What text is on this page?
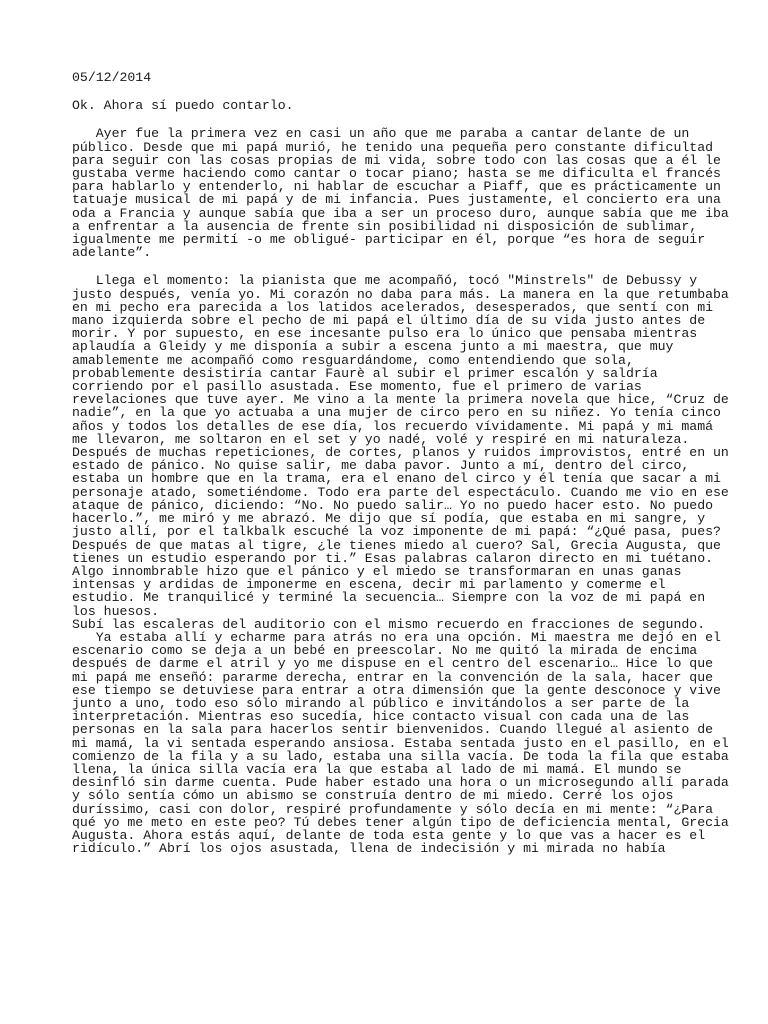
05/12/2014
Ok. Ahora sí puedo contarlo.
Ayer fue la primera vez en casi un año que me paraba a cantar delante de un
público. Desde que mi papá murió, he tenido una pequeña pero constante dificultad
para seguir con las cosas propias de mi vida, sobre todo con las cosas que a él le
gustaba verme haciendo como cantar o tocar piano; hasta se me dificulta el francés
para hablarlo y entenderlo, ni hablar de escuchar a Piaff, que es prácticamente un
tatuaje musical de mi papá y de mi infancia. Pues justamente, el concierto era una
oda a Francia y aunque sabía que iba a ser un proceso duro, aunque sabía que me iba
a enfrentar a la ausencia de frente sin posibilidad ni disposición de sublimar,
igualmente me permití -o me obligué- participar en él, porque “es hora de seguir
adelante”.
Llega el momento: la pianista que me acompañó, tocó "Minstrels" de Debussy y
justo después, venía yo. Mi corazón no daba para más. La manera en la que retumbaba
en mi pecho era parecida a los latidos acelerados, desesperados, que sentí con mi
mano izquierda sobre el pecho de mi papá el último día de su vida justo antes de
morir. Y por supuesto, en ese incesante pulso era lo único que pensaba mientras
aplaudía a Gleidy y me disponía a subir a escena junto a mi maestra, que muy
amablemente me acompañó como resguardándome, como entendiendo que sola,
probablemente desistiría cantar Faurè al subir el primer escalón y saldría
corriendo por el pasillo asustada. Ese momento, fue el primero de varias
revelaciones que tuve ayer. Me vino a la mente la primera novela que hice, “Cruz de
nadie”, en la que yo actuaba a una mujer de circo pero en su niñez. Yo tenía cinco
años y todos los detalles de ese día, los recuerdo vívidamente. Mi papá y mi mamá
me llevaron, me soltaron en el set y yo nadé, volé y respiré en mi naturaleza.
Después de muchas repeticiones, de cortes, planos y ruidos improvistos, entré en un
estado de pánico. No quise salir, me daba pavor. Junto a mí, dentro del circo,
estaba un hombre que en la trama, era el enano del circo y él tenía que sacar a mi
personaje atado, sometiéndome. Todo era parte del espectáculo. Cuando me vio en ese
ataque de pánico, diciendo: “No. No puedo salir… Yo no puedo hacer esto. No puedo
hacerlo.”, me miró y me abrazó. Me dijo que sí podía, que estaba en mi sangre, y
justo allí, por el talkbalk escuché la voz imponente de mi papá: “¿Qué pasa, pues?
Después de que matas al tigre, ¿le tienes miedo al cuero? Sal, Grecia Augusta, que
tienes un estudio esperando por ti.” Esas palabras calaron directo en mi tuétano.
Algo innombrable hizo que el pánico y el miedo se transformaran en unas ganas
intensas y ardidas de imponerme en escena, decir mi parlamento y comerme el
estudio. Me tranquilicé y terminé la secuencia… Siempre con la voz de mi papá en
los huesos.
Subí las escaleras del auditorio con el mismo recuerdo en fracciones de segundo.
Ya estaba allí y echarme para atrás no era una opción. Mi maestra me dejó en el
escenario como se deja a un bebé en preescolar. No me quitó la mirada de encima
después de darme el atril y yo me dispuse en el centro del escenario… Hice lo que
mi papá me enseñó: pararme derecha, entrar en la convención de la sala, hacer que
ese tiempo se detuviese para entrar a otra dimensión que la gente desconoce y vive
junto a uno, todo eso sólo mirando al público e invitándolos a ser parte de la
interpretación. Mientras eso sucedía, hice contacto visual con cada una de las
personas en la sala para hacerlos sentir bienvenidos. Cuando llegué al asiento de
mi mamá, la vi sentada esperando ansiosa. Estaba sentada justo en el pasillo, en el
comienzo de la fila y a su lado, estaba una silla vacía. De toda la fila que estaba
llena, la única silla vacía era la que estaba al lado de mi mamá. El mundo se
desinfló sin darme cuenta. Pude haber estado una hora o un microsegundo allí parada
y sólo sentía cómo un abismo se construía dentro de mi miedo. Cerré los ojos
duríssimo, casi con dolor, respiré profundamente y sólo decía en mi mente: “¿Para
qué yo me meto en este peo? Tú debes tener algún tipo de deficiencia mental, Grecia
Augusta. Ahora estás aquí, delante de toda esta gente y lo que vas a hacer es el
ridículo.” Abrí los ojos asustada, llena de indecisión y mi mirada no había
